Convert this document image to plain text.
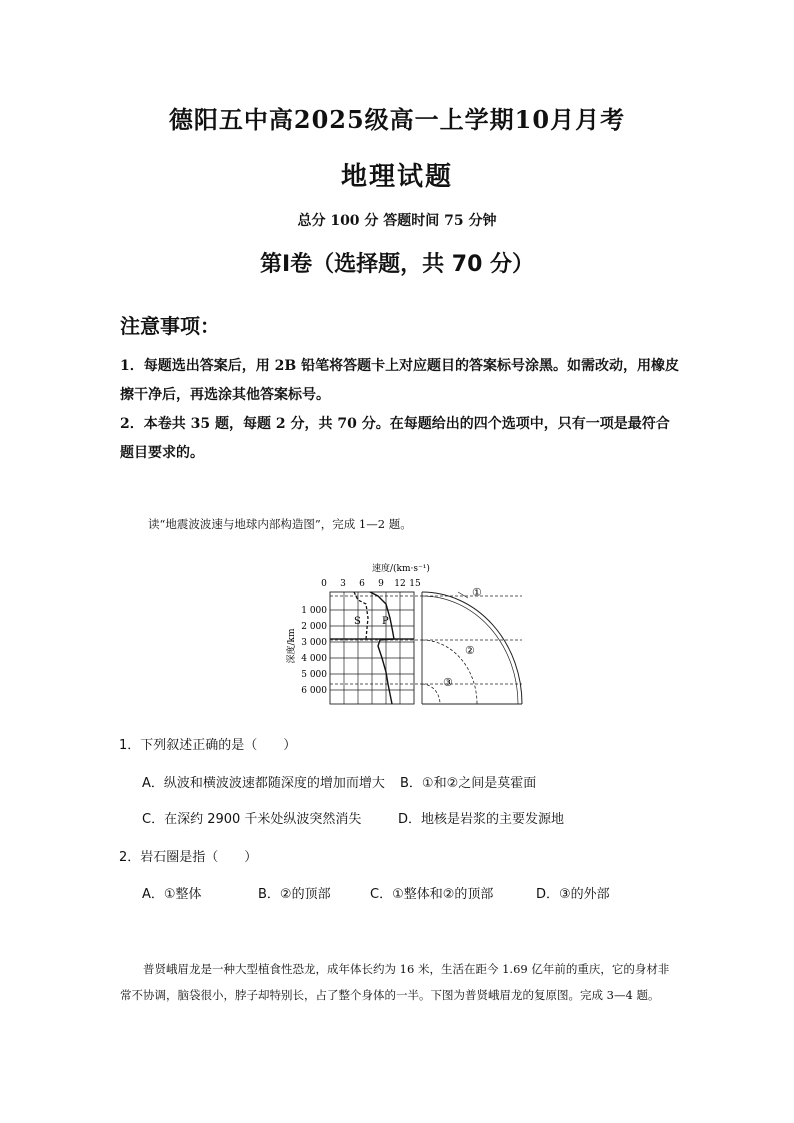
德阳五中高2025级高一上学期10月月考
地理试题
总分 100 分 答题时间 75 分钟
第Ⅰ卷（选择题，共 70 分）
注意事项：
1．每题选出答案后，用 2B 铅笔将答题卡上对应题目的答案标号涂黑。如需改动，用橡皮擦干净后，再选涂其他答案标号。
2．本卷共 35 题，每题 2 分，共 70 分。在每题给出的四个选项中，只有一项是最符合题目要求的。
读“地震波波速与地球内部构造图”，完成 1—2 题。
速度/(km·s⁻¹)
0 3 6 9 12 15
深度/km
1 000
2 000
3 000
4 000
5 000
6 000
S P
①
②
③
1．下列叙述正确的是（　　）
A．纵波和横波波速都随深度的增加而增大 B．①和②之间是莫霍面
C．在深约 2900 千米处纵波突然消失	D．地核是岩浆的主要发源地
2．岩石圈是指（　　）
A．①整体	B．②的顶部	C．①整体和②的顶部	D．③的外部
普贤峨眉龙是一种大型植食性恐龙，成年体长约为 16 米，生活在距今 1.69 亿年前的重庆，它的身材非常不协调，脑袋很小，脖子却特别长，占了整个身体的一半。下图为普贤峨眉龙的复原图。完成 3—4 题。
